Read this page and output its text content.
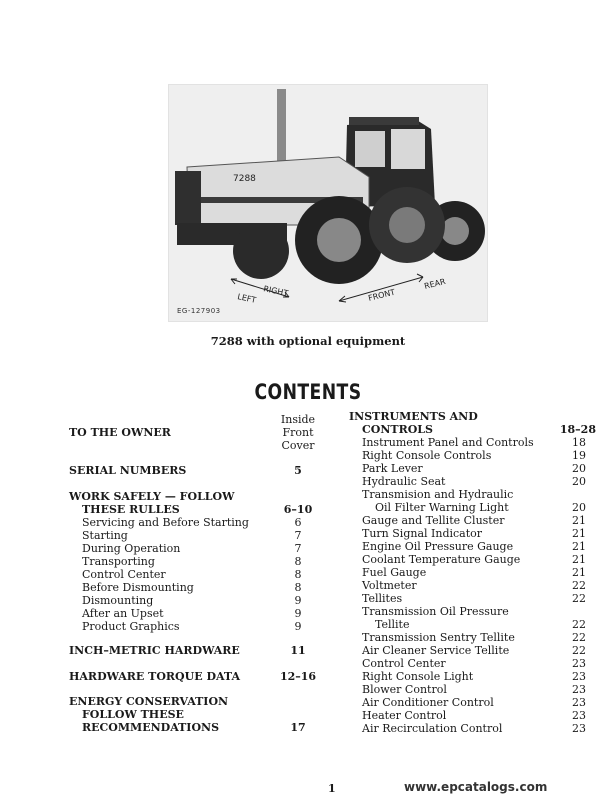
7288
LEFT
RIGHT	FRONT
REAR
EG-127903
7288 with optional equipment
CONTENTS
Inside
Front
Cover
TO THE OWNER
SERIAL NUMBERS	5
WORK SAFELY — FOLLOW
THESE RULLES	6–10
Servicing and Before Starting	6
Starting	7
During Operation	7
Transporting	8
Control Center	8
Before Dismounting	8
Dismounting	9
After an Upset	9
Product Graphics	9
INCH–METRIC HARDWARE	11
HARDWARE TORQUE DATA	12–16
ENERGY CONSERVATION
FOLLOW THESE
RECOMMENDATIONS	17
INSTRUMENTS AND
CONTROLS	18–28
Instrument Panel and Controls	18
Right Console Controls	19
Park Lever	20
Hydraulic Seat	20
Transmision and Hydraulic
Oil Filter Warning Light	20
Gauge and Tellite Cluster	21
Turn Signal Indicator	21
Engine Oil Pressure Gauge	21
Coolant Temperature Gauge	21
Fuel Gauge	21
Voltmeter	22
Tellites	22
Transmission Oil Pressure
Tellite	22
Transmission Sentry Tellite	22
Air Cleaner Service Tellite	22
Control Center	23
Right Console Light	23
Blower Control	23
Air Conditioner Control	23
Heater Control	23
Air Recirculation Control	23
1	www.epcatalogs.com
